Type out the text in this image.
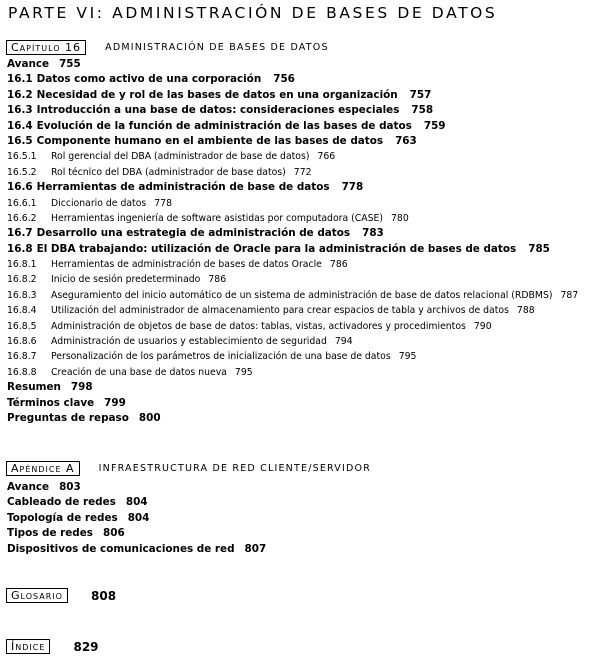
PARTE VI: ADMINISTRACIÓN DE BASES DE DATOS
Capítulo 16	ADMINISTRACIÓN DE BASES DE DATOS
Avance 755
16.1 Datos como activo de una corporación 756
16.2 Necesidad de y rol de las bases de datos en una organización 757
16.3 Introducción a una base de datos: consideraciones especiales 758
16.4 Evolución de la función de administración de las bases de datos 759
16.5 Componente humano en el ambiente de las bases de datos 763
16.5.1 Rol gerencial del DBA (administrador de base de datos) 766
16.5.2 Rol técnico del DBA (administrador de base datos) 772
16.6 Herramientas de administración de base de datos 778
16.6.1 Diccionario de datos 778
16.6.2 Herramientas ingeniería de software asistidas por computadora (CASE) 780
16.7 Desarrollo una estrategia de administración de datos 783
16.8 El DBA trabajando: utilización de Oracle para la administración de bases de datos 785
16.8.1 Herramientas de administración de bases de datos Oracle 786
16.8.2 Inicio de sesión predeterminado 786
16.8.3 Aseguramiento del inicio automático de un sistema de administración de base de datos relacional (RDBMS) 787
16.8.4 Utilización del administrador de almacenamiento para crear espacios de tabla y archivos de datos 788
16.8.5 Administración de objetos de base de datos: tablas, vistas, activadores y procedimientos 790
16.8.6 Administración de usuarios y establecimiento de seguridad 794
16.8.7 Personalización de los parámetros de inicialización de una base de datos 795
16.8.8 Creación de una base de datos nueva 795
Resumen 798
Términos clave 799
Preguntas de repaso 800
Apéndice A	INFRAESTRUCTURA DE RED CLIENTE/SERVIDOR
Avance 803
Cableado de redes 804
Topología de redes 804
Tipos de redes 806
Dispositivos de comunicaciones de red 807
Glosario 808
Índice 829
